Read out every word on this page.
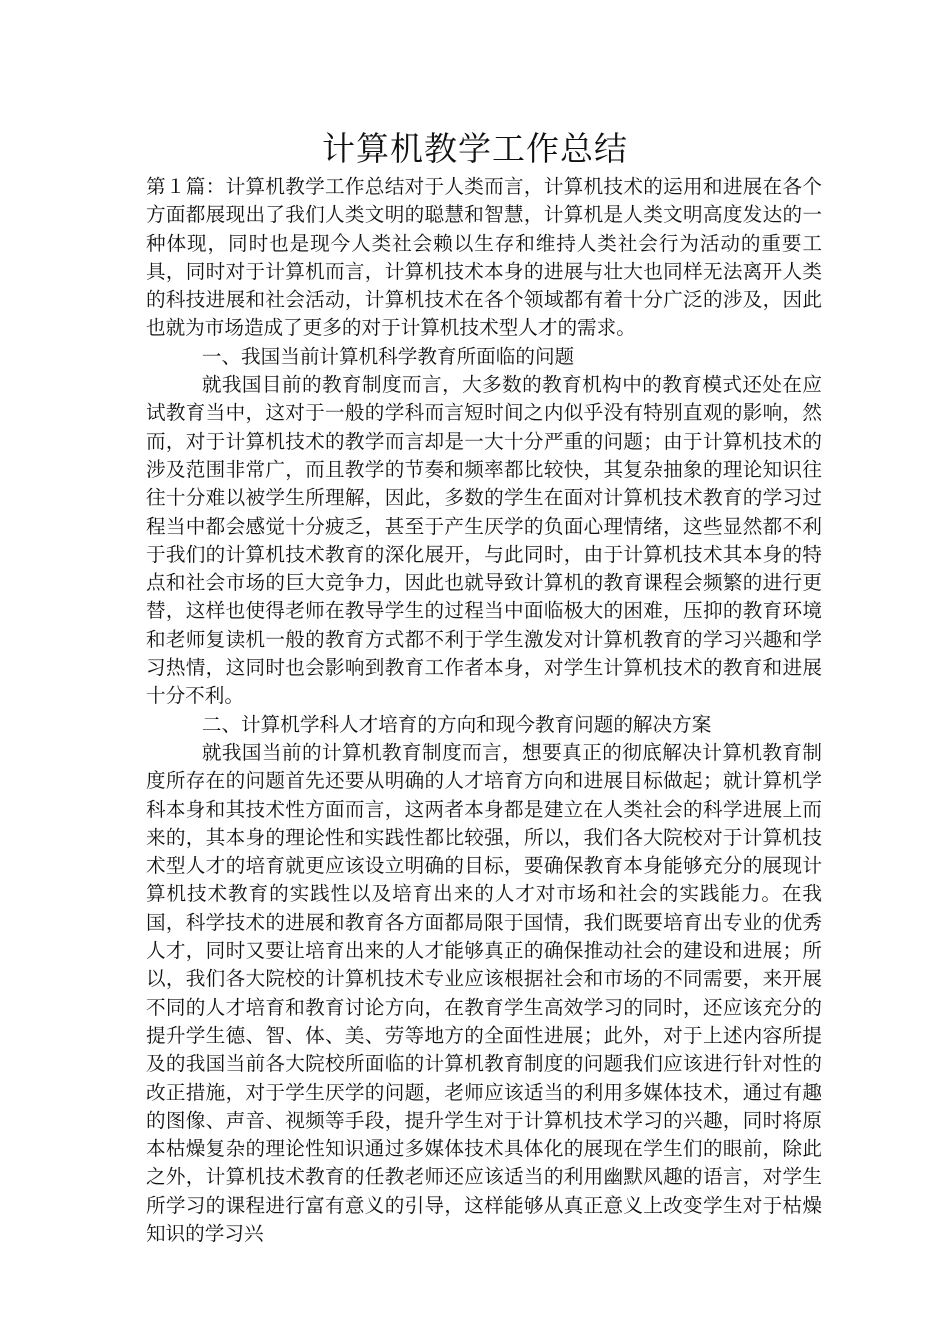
计算机教学工作总结

第１篇：计算机教学工作总结对于人类而言，计算机技术的运用和进展在各个方面都展现出了我们人类文明的聪慧和智慧，计算机是人类文明高度发达的一种体现，同时也是现今人类社会赖以生存和维持人类社会行为活动的重要工具，同时对于计算机而言，计算机技术本身的进展与壮大也同样无法离开人类的科技进展和社会活动，计算机技术在各个领域都有着十分广泛的涉及，因此也就为市场造成了更多的对于计算机技术型人才的需求。

一、我国当前计算机科学教育所面临的问题

就我国目前的教育制度而言，大多数的教育机构中的教育模式还处在应试教育当中，这对于一般的学科而言短时间之内似乎没有特别直观的影响，然而，对于计算机技术的教学而言却是一大十分严重的问题；由于计算机技术的涉及范围非常广，而且教学的节奏和频率都比较快，其复杂抽象的理论知识往往十分难以被学生所理解，因此，多数的学生在面对计算机技术教育的学习过程当中都会感觉十分疲乏，甚至于产生厌学的负面心理情绪，这些显然都不利于我们的计算机技术教育的深化展开，与此同时，由于计算机技术其本身的特点和社会市场的巨大竞争力，因此也就导致计算机的教育课程会频繁的进行更替，这样也使得老师在教导学生的过程当中面临极大的困难，压抑的教育环境和老师复读机一般的教育方式都不利于学生激发对计算机教育的学习兴趣和学习热情，这同时也会影响到教育工作者本身，对学生计算机技术的教育和进展十分不利。

二、计算机学科人才培育的方向和现今教育问题的解决方案

就我国当前的计算机教育制度而言，想要真正的彻底解决计算机教育制度所存在的问题首先还要从明确的人才培育方向和进展目标做起；就计算机学科本身和其技术性方面而言，这两者本身都是建立在人类社会的科学进展上而来的，其本身的理论性和实践性都比较强，所以，我们各大院校对于计算机技术型人才的培育就更应该设立明确的目标，要确保教育本身能够充分的展现计算机技术教育的实践性以及培育出来的人才对市场和社会的实践能力。在我国，科学技术的进展和教育各方面都局限于国情，我们既要培育出专业的优秀人才，同时又要让培育出来的人才能够真正的确保推动社会的建设和进展；所以，我们各大院校的计算机技术专业应该根据社会和市场的不同需要，来开展不同的人才培育和教育讨论方向，在教育学生高效学习的同时，还应该充分的提升学生德、智、体、美、劳等地方的全面性进展；此外，对于上述内容所提及的我国当前各大院校所面临的计算机教育制度的问题我们应该进行针对性的改正措施，对于学生厌学的问题，老师应该适当的利用多媒体技术，通过有趣的图像、声音、视频等手段，提升学生对于计算机技术学习的兴趣，同时将原本枯燥复杂的理论性知识通过多媒体技术具体化的展现在学生们的眼前，除此之外，计算机技术教育的任教老师还应该适当的利用幽默风趣的语言，对学生所学习的课程进行富有意义的引导，这样能够从真正意义上改变学生对于枯燥知识的学习兴
